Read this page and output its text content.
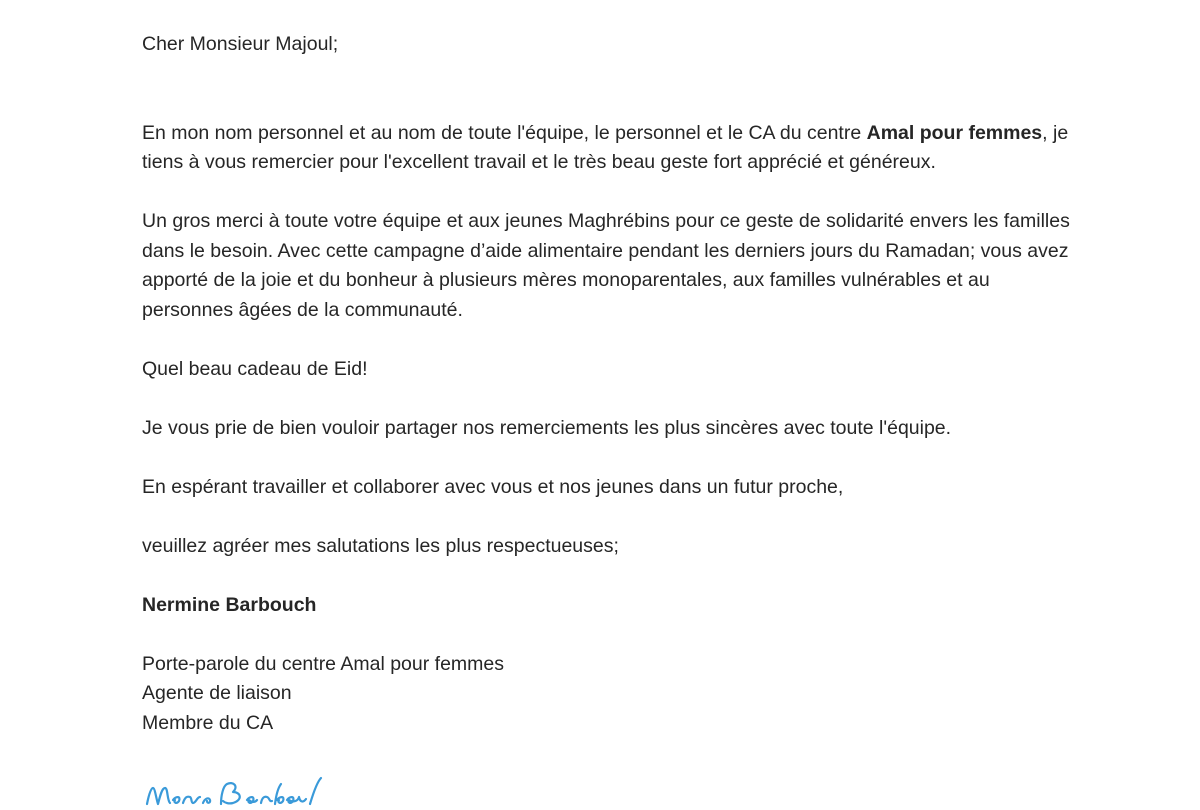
Cher Monsieur Majoul;

En mon nom personnel et au nom de toute l'équipe, le personnel et le CA du centre Amal pour femmes, je tiens à vous remercier pour l'excellent travail et le très beau geste fort apprécié et généreux.

Un gros merci à toute votre équipe et aux jeunes Maghrébins pour ce geste de solidarité envers les familles dans le besoin. Avec cette campagne d’aide alimentaire pendant les derniers jours du Ramadan; vous avez apporté de la joie et du bonheur à plusieurs mères monoparentales, aux familles vulnérables et au personnes âgées de la communauté.

Quel beau cadeau de Eid!

Je vous prie de bien vouloir partager nos remerciements les plus sincères avec toute l'équipe.

En espérant travailler et collaborer avec vous et nos jeunes dans un futur proche,

veuillez agréer mes salutations les plus respectueuses;

Nermine Barbouch

Porte-parole du centre Amal pour femmes
Agente de liaison
Membre du CA
